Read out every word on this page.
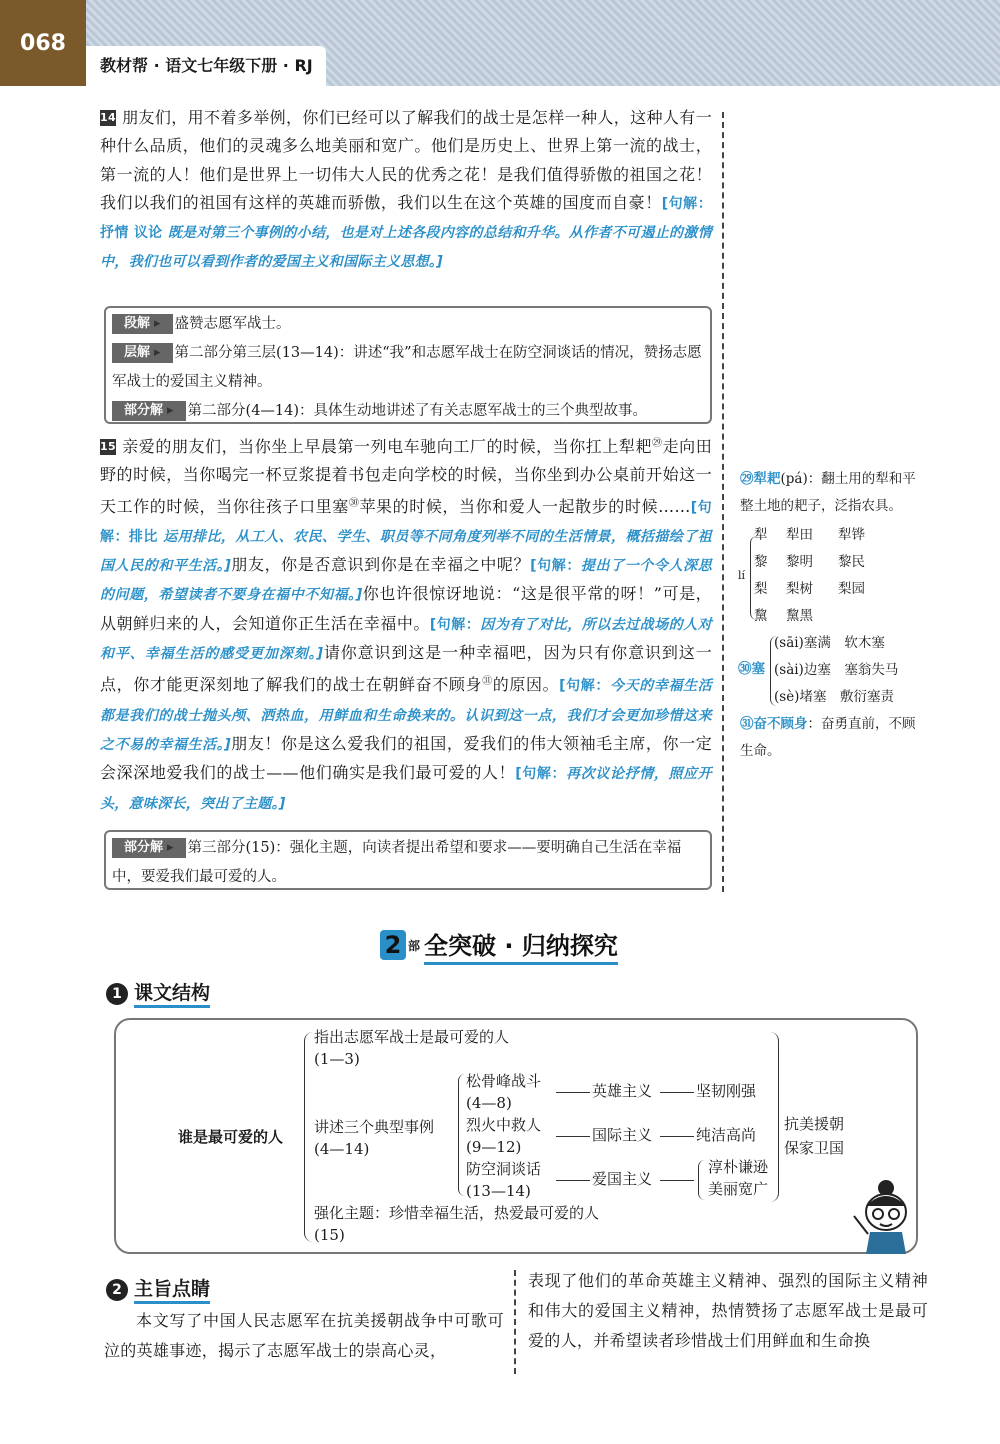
068
教材帮 · 语文七年级下册 · RJ
14 朋友们，用不着多举例，你们已经可以了解我们的战士是怎样一种人，这种人有一种什么品质，他们的灵魂多么地美丽和宽广。他们是历史上、世界上第一流的战士，第一流的人！他们是世界上一切伟大人民的优秀之花！是我们值得骄傲的祖国之花！我们以我们的祖国有这样的英雄而骄傲，我们以生在这个英雄的国度而自豪！[句解：抒情 议论 既是对第三个事例的小结，也是对上述各段内容的总结和升华。从作者不可遏止的激情中，我们也可以看到作者的爱国主义和国际主义思想。]
段解 ▸ 盛赞志愿军战士。
层解 ▸ 第二部分第三层(13—14)：讲述“我”和志愿军战士在防空洞谈话的情况，赞扬志愿军战士的爱国主义精神。
部分解 ▸ 第二部分(4—14)：具体生动地讲述了有关志愿军战士的三个典型故事。
15 亲爱的朋友们，当你坐上早晨第一列电车驰向工厂的时候，当你扛上犁耙$^㉙$走向田野的时候，当你喝完一杯豆浆提着书包走向学校的时候，当你坐到办公桌前开始这一天工作的时候，当你往孩子口里塞$^㉚$苹果的时候，当你和爱人一起散步的时候……[句解：排比 运用排比，从工人、农民、学生、职员等不同角度列举不同的生活情景，概括描绘了祖国人民的和平生活。]朋友，你是否意识到你是在幸福之中呢？[句解：提出了一个令人深思的问题，希望读者不要身在福中不知福。]你也许很惊讶地说：“这是很平常的呀！”可是，从朝鲜归来的人，会知道你正生活在幸福中。[句解：因为有了对比，所以去过战场的人对和平、幸福生活的感受更加深刻。]请你意识到这是一种幸福吧，因为只有你意识到这一点，你才能更深刻地了解我们的战士在朝鲜奋不顾身$^㉛$的原因。[句解：今天的幸福生活都是我们的战士抛头颅、洒热血，用鲜血和生命换来的。认识到这一点，我们才会更加珍惜这来之不易的幸福生活。]朋友！你是这么爱我们的祖国，爱我们的伟大领袖毛主席，你一定会深深地爱我们的战士——他们确实是我们最可爱的人！[句解：再次议论抒情，照应开头，意味深长，突出了主题。]
部分解 ▸ 第三部分(15)：强化主题，向读者提出希望和要求——要明确自己生活在幸福中，要爱我们最可爱的人。
㉙犁耙(pá)：翻土用的犁和平整土地的耙子，泛指农具。
lí
犁 犁田 犁铧
黎 黎明 黎民
梨 梨树 梨园
黧 黧黑
㉚塞
(sāi)塞满　软木塞
(sài)边塞　塞翁失马
(sè)堵塞　敷衍塞责
㉛奋不顾身：奋勇直前，不顾生命。
2 部 全突破 · 归纳探究
1 课文结构
谁是最可爱的人
指出志愿军战士是最可爱的人
(1—3)
讲述三个典型事例
(4—14)
松骨峰战斗
(4—8)
英雄主义	坚韧刚强
烈火中救人
(9—12)
国际主义	纯洁高尚
防空洞谈话
(13—14)
爱国主义
淳朴谦逊
美丽宽广
强化主题：珍惜幸福生活，热爱最可爱的人
(15)
抗美援朝保家卫国
2 主旨点睛
本文写了中国人民志愿军在抗美援朝战争中可歌可泣的英雄事迹，揭示了志愿军战士的崇高心灵，
表现了他们的革命英雄主义精神、强烈的国际主义精神和伟大的爱国主义精神，热情赞扬了志愿军战士是最可爱的人，并希望读者珍惜战士们用鲜血和生命换
